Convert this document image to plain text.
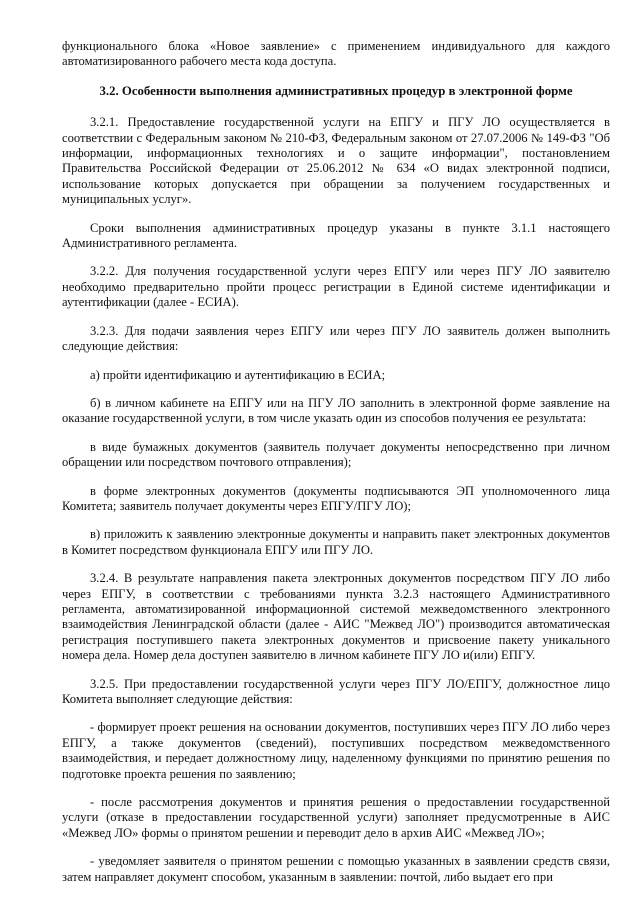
функционального блока «Новое заявление» с применением индивидуального для каждого автоматизированного рабочего места кода доступа.

3.2. Особенности выполнения административных процедур в электронной форме

3.2.1. Предоставление государственной услуги на ЕПГУ и ПГУ ЛО осуществляется в соответствии с Федеральным законом № 210-ФЗ, Федеральным законом от 27.07.2006 № 149-ФЗ "Об информации, информационных технологиях и о защите информации", постановлением Правительства Российской Федерации от 25.06.2012 № 634 «О видах электронной подписи, использование которых допускается при обращении за получением государственных и муниципальных услуг».

Сроки выполнения административных процедур указаны в пункте 3.1.1 настоящего Административного регламента.

3.2.2. Для получения государственной услуги через ЕПГУ или через ПГУ ЛО заявителю необходимо предварительно пройти процесс регистрации в Единой системе идентификации и аутентификации (далее - ЕСИА).

3.2.3. Для подачи заявления через ЕПГУ или через ПГУ ЛО заявитель должен выполнить следующие действия:

а) пройти идентификацию и аутентификацию в ЕСИА;

б) в личном кабинете на ЕПГУ или на ПГУ ЛО заполнить в электронной форме заявление на оказание государственной услуги, в том числе указать один из способов получения ее результата:

в виде бумажных документов (заявитель получает документы непосредственно при личном обращении или посредством почтового отправления);

в форме электронных документов (документы подписываются ЭП уполномоченного лица Комитета; заявитель получает документы через ЕПГУ/ПГУ ЛО);

в) приложить к заявлению электронные документы и направить пакет электронных документов в Комитет посредством функционала ЕПГУ или ПГУ ЛО.

3.2.4. В результате направления пакета электронных документов посредством ПГУ ЛО либо через ЕПГУ, в соответствии с требованиями пункта 3.2.3 настоящего Административного регламента, автоматизированной информационной системой межведомственного электронного взаимодействия Ленинградской области (далее - АИС "Межвед ЛО") производится автоматическая регистрация поступившего пакета электронных документов и присвоение пакету уникального номера дела. Номер дела доступен заявителю в личном кабинете ПГУ ЛО и(или) ЕПГУ.

3.2.5. При предоставлении государственной услуги через ПГУ ЛО/ЕПГУ, должностное лицо Комитета выполняет следующие действия:

- формирует проект решения на основании документов, поступивших через ПГУ ЛО либо через ЕПГУ, а также документов (сведений), поступивших посредством межведомственного взаимодействия, и передает должностному лицу, наделенному функциями по принятию решения по подготовке проекта решения по заявлению;

- после рассмотрения документов и принятия решения о предоставлении государственной услуги (отказе в предоставлении государственной услуги) заполняет предусмотренные в АИС «Межвед ЛО» формы о принятом решении и переводит дело в архив АИС «Межвед ЛО»;

- уведомляет заявителя о принятом решении с помощью указанных в заявлении средств связи, затем направляет документ способом, указанным в заявлении: почтой, либо выдает его при
